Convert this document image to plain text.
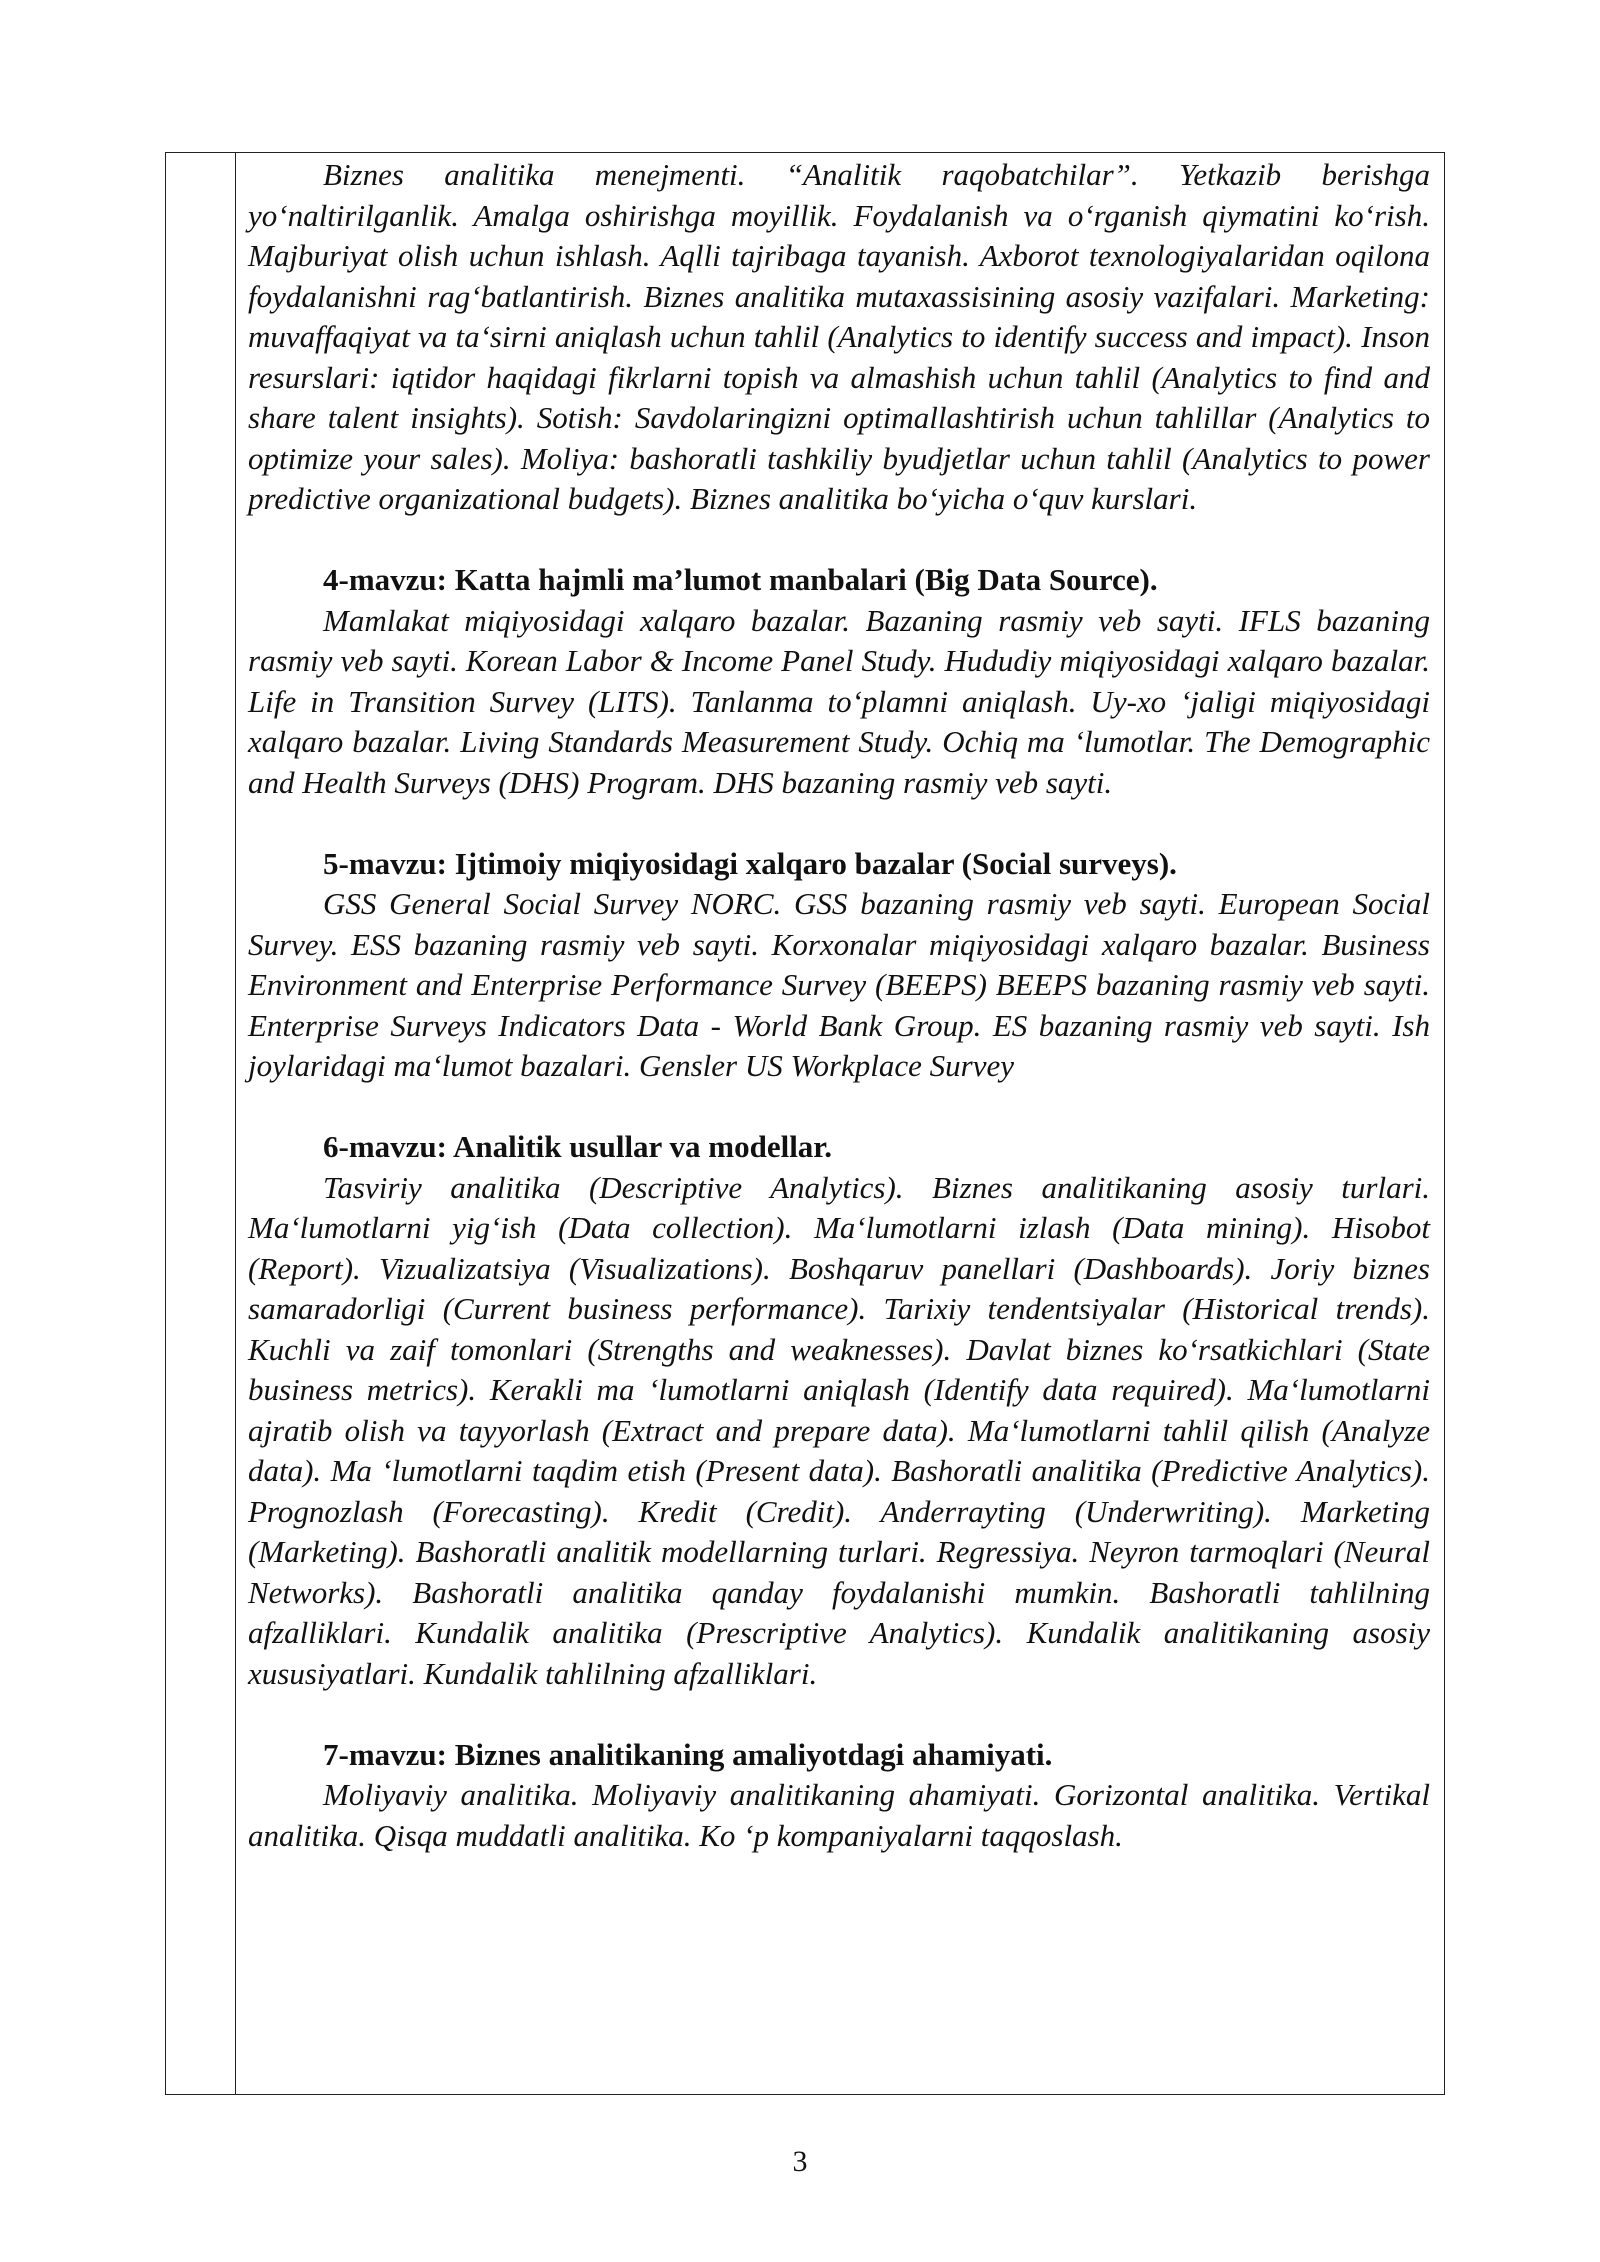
Biznes analitika menejmenti. “Analitik raqobatchilar”. Yetkazib berishga yo‘naltirilganlik. Amalga oshirishga moyillik. Foydalanish va o‘rganish qiymatini ko‘rish. Majburiyat olish uchun ishlash. Aqlli tajribaga tayanish. Axborot texnologiyalaridan oqilona foydalanishni rag‘batlantirish. Biznes analitika mutaxassisining asosiy vazifalari. Marketing: muvaffaqiyat va ta‘sirni aniqlash uchun tahlil (Analytics to identify success and impact). Inson resurslari: iqtidor haqidagi fikrlarni topish va almashish uchun tahlil (Analytics to find and share talent insights). Sotish: Savdolaringizni optimallashtirish uchun tahlillar (Analytics to optimize your sales). Moliya: bashoratli tashkiliy byudjetlar uchun tahlil (Analytics to power predictive organizational budgets). Biznes analitika bo‘yicha o‘quv kurslari.

4-mavzu: Katta hajmli ma’lumot manbalari (Big Data Source).

Mamlakat miqiyosidagi xalqaro bazalar. Bazaning rasmiy veb sayti. IFLS bazaning rasmiy veb sayti. Korean Labor & Income Panel Study. Hududiy miqiyosidagi xalqaro bazalar. Life in Transition Survey (LITS). Tanlanma to‘plamni aniqlash. Uy-xo ‘jaligi miqiyosidagi xalqaro bazalar. Living Standards Measurement Study. Ochiq ma ‘lumotlar. The Demographic and Health Surveys (DHS) Program. DHS bazaning rasmiy veb sayti.

5-mavzu: Ijtimoiy miqiyosidagi xalqaro bazalar (Social surveys).

GSS General Social Survey NORC. GSS bazaning rasmiy veb sayti. European Social Survey. ESS bazaning rasmiy veb sayti. Korxonalar miqiyosidagi xalqaro bazalar. Business Environment and Enterprise Performance Survey (BEEPS) BEEPS bazaning rasmiy veb sayti. Enterprise Surveys Indicators Data - World Bank Group. ES bazaning rasmiy veb sayti. Ish joylaridagi ma‘lumot bazalari. Gensler US Workplace Survey

6-mavzu: Analitik usullar va modellar.

Tasviriy analitika (Descriptive Analytics). Biznes analitikaning asosiy turlari. Ma‘lumotlarni yig‘ish (Data collection). Ma‘lumotlarni izlash (Data mining). Hisobot (Report). Vizualizatsiya (Visualizations). Boshqaruv panellari (Dashboards). Joriy biznes samaradorligi (Current business performance). Tarixiy tendentsiyalar (Historical trends). Kuchli va zaif tomonlari (Strengths and weaknesses). Davlat biznes ko‘rsatkichlari (State business metrics). Kerakli ma ‘lumotlarni aniqlash (Identify data required). Ma‘lumotlarni ajratib olish va tayyorlash (Extract and prepare data). Ma‘lumotlarni tahlil qilish (Analyze data). Ma ‘lumotlarni taqdim etish (Present data). Bashoratli analitika (Predictive Analytics). Prognozlash (Forecasting). Kredit (Credit). Anderrayting (Underwriting). Marketing (Marketing). Bashoratli analitik modellarning turlari. Regressiya. Neyron tarmoqlari (Neural Networks). Bashoratli analitika qanday foydalanishi mumkin. Bashoratli tahlilning afzalliklari. Kundalik analitika (Prescriptive Analytics). Kundalik analitikaning asosiy xususiyatlari. Kundalik tahlilning afzalliklari.

7-mavzu: Biznes analitikaning amaliyotdagi ahamiyati.

Moliyaviy analitika. Moliyaviy analitikaning ahamiyati. Gorizontal analitika. Vertikal analitika. Qisqa muddatli analitika. Ko ‘p kompaniyalarni taqqoslash.

3
